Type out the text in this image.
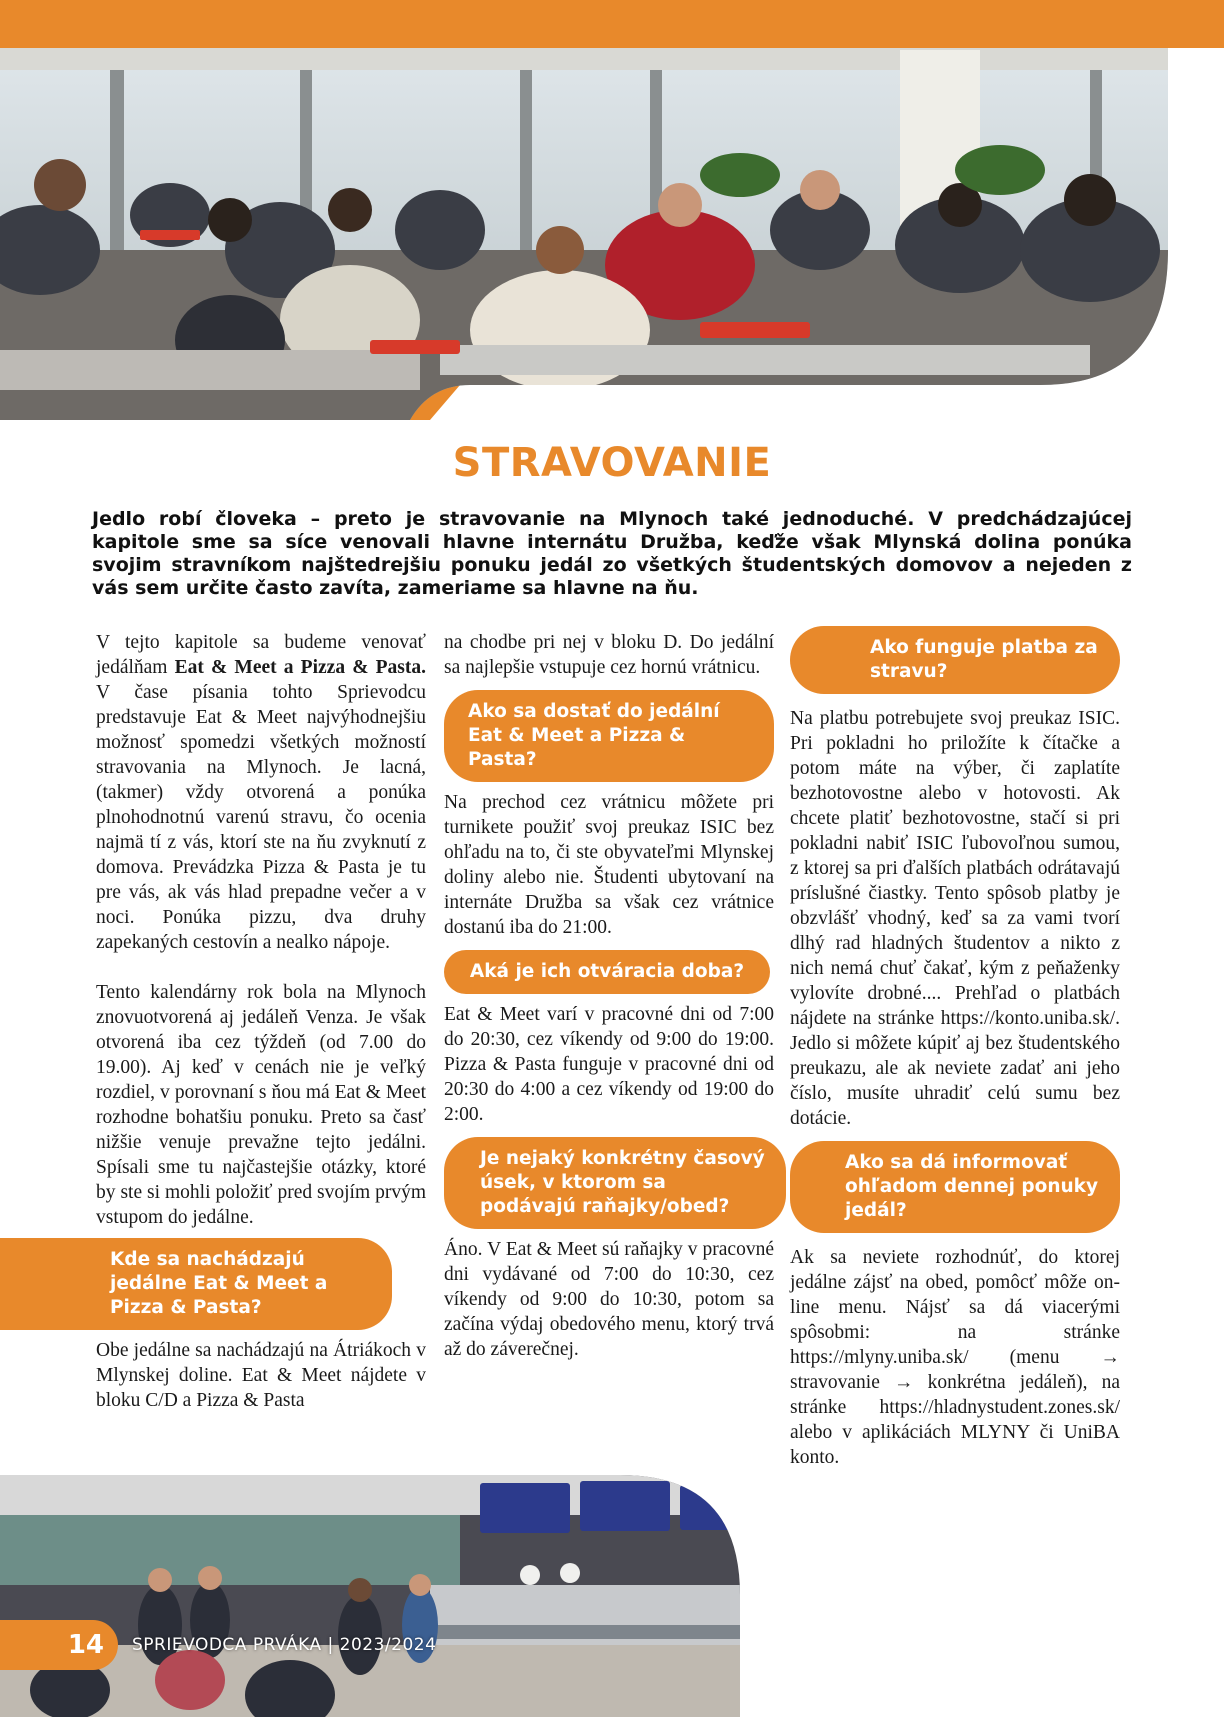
STRAVOVANIE

Jedlo robí človeka – preto je stravovanie na Mlynoch také jednoduché. V predchádzajúcej kapitole sme sa síce venovali hlavne internátu Družba, keďže však Mlynská dolina ponúka svojim stravníkom najštedrejšiu ponuku jedál zo všetkých študentských domovov a nejeden z vás sem určite často zavíta, zameriame sa hlavne na ňu.

V tejto kapitole sa budeme venovať jedálňam Eat & Meet a Pizza & Pasta. V čase písania tohto Sprievodcu predstavuje Eat & Meet najvýhodnejšiu možnosť spomedzi všetkých možností stravovania na Mlynoch. Je lacná, (takmer) vždy otvorená a ponúka plnohodnotnú varenú stravu, čo ocenia najmä tí z vás, ktorí ste na ňu zvyknutí z domova. Prevádzka Pizza & Pasta je tu pre vás, ak vás hlad prepadne večer a v noci. Ponúka pizzu, dva druhy zapekaných cestovín a nealko nápoje.

Tento kalendárny rok bola na Mlynoch znovuotvorená aj jedáleň Venza. Je však otvorená iba cez týždeň (od 7.00 do 19.00). Aj keď v cenách nie je veľký rozdiel, v porovnaní s ňou má Eat & Meet rozhodne bohatšiu ponuku. Preto sa časť nižšie venuje prevažne tejto jedálni. Spísali sme tu najčastejšie otázky, ktoré by ste si mohli položiť pred svojím prvým vstupom do jedálne.

Kde sa nachádzajú jedálne Eat & Meet a Pizza & Pasta?

Obe jedálne sa nachádzajú na Átriákoch v Mlynskej doline. Eat & Meet nájdete v bloku C/D a Pizza & Pasta

na chodbe pri nej v bloku D. Do jedální sa najlepšie vstupuje cez hornú vrátnicu.

Ako sa dostať do jedální Eat & Meet a Pizza & Pasta?

Na prechod cez vrátnicu môžete pri turnikete použiť svoj preukaz ISIC bez ohľadu na to, či ste obyvateľmi Mlynskej doliny alebo nie. Študenti ubytovaní na internáte Družba sa však cez vrátnice dostanú iba do 21:00.

Aká je ich otváracia doba?

Eat & Meet varí v pracovné dni od 7:00 do 20:30, cez víkendy od 9:00 do 19:00. Pizza & Pasta funguje v pracovné dni od 20:30 do 4:00 a cez víkendy od 19:00 do 2:00.

Je nejaký konkrétny časový úsek, v ktorom sa podávajú raňajky/obed?

Áno. V Eat & Meet sú raňajky v pracovné dni vydávané od 7:00 do 10:30, cez víkendy od 9:00 do 10:30, potom sa začína výdaj obedového menu, ktorý trvá až do záverečnej.

Ako funguje platba za stravu?

Na platbu potrebujete svoj preukaz ISIC. Pri pokladni ho priložíte k čítačke a potom máte na výber, či zaplatíte bezhotovostne alebo v hotovosti. Ak chcete platiť bezhotovostne, stačí si pri pokladni nabiť ISIC ľubovoľnou sumou, z ktorej sa pri ďalších platbách odrátavajú príslušné čiastky. Tento spôsob platby je obzvlášť vhodný, keď sa za vami tvorí dlhý rad hladných študentov a nikto z nich nemá chuť čakať, kým z peňaženky vylovíte drobné.... Prehľad o platbách nájdete na stránke https://konto.uniba.sk/. Jedlo si môžete kúpiť aj bez študentského preukazu, ale ak neviete zadať ani jeho číslo, musíte uhradiť celú sumu bez dotácie.

Ako sa dá informovať ohľadom dennej ponuky jedál?

Ak sa neviete rozhodnúť, do ktorej jedálne zájsť na obed, pomôcť môže on-line menu. Nájsť sa dá viacerými spôsobmi: na stránke https://mlyny.uniba.sk/ (menu → stravovanie → konkrétna jedáleň), na stránke https://hladnystudent.zones.sk/ alebo v aplikáciách MLYNY či UniBA konto.

14 SPRIEVODCA PRVÁKA | 2023/2024
